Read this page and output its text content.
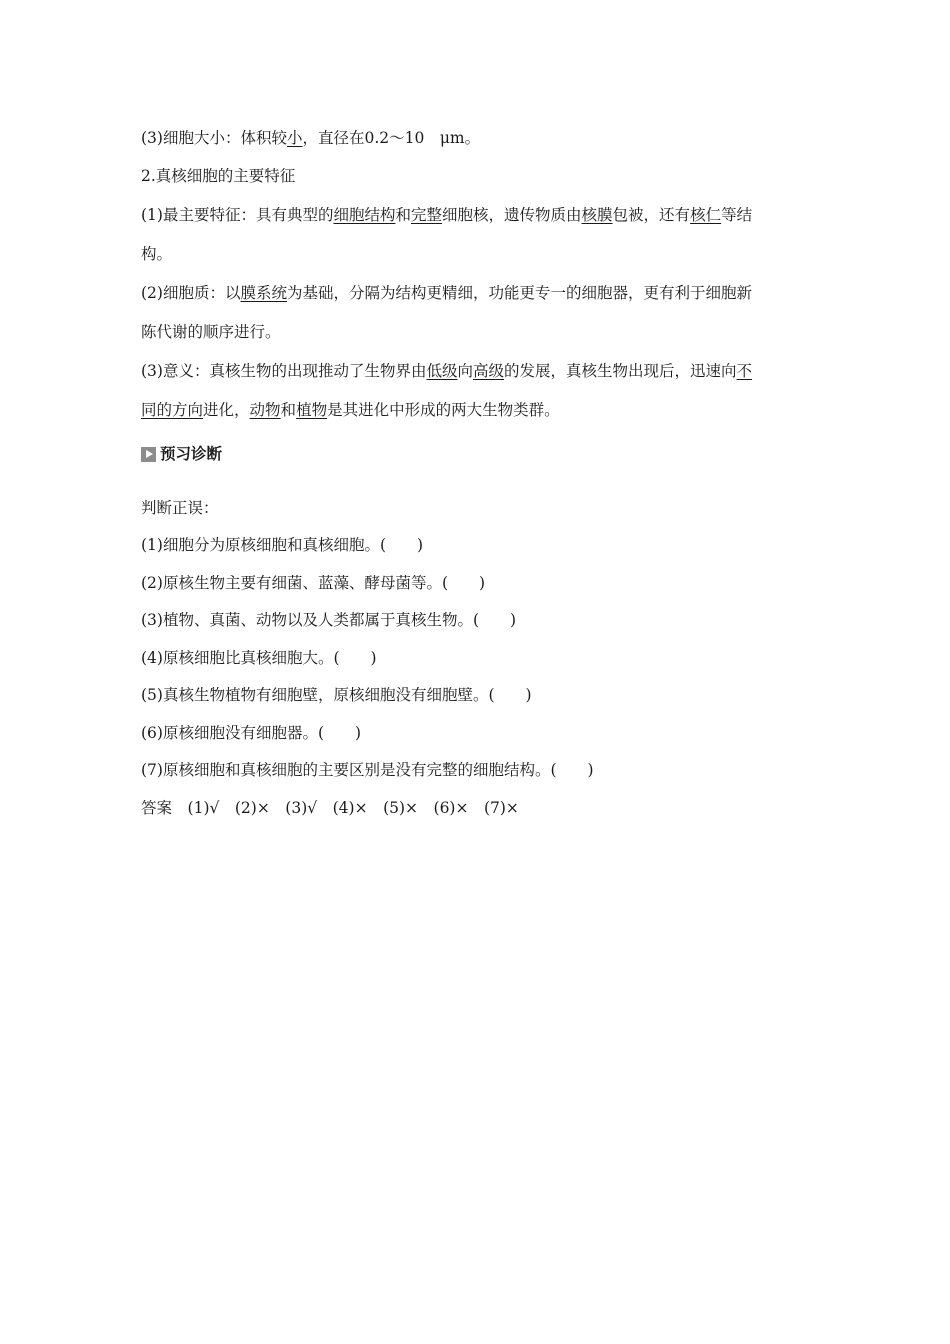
(3)细胞大小：体积较小，直径在0.2～10　μm。
2.真核细胞的主要特征
(1)最主要特征：具有典型的细胞结构和完整细胞核，遗传物质由核膜包被，还有核仁等结
构。
(2)细胞质：以膜系统为基础，分隔为结构更精细，功能更专一的细胞器，更有利于细胞新
陈代谢的顺序进行。
(3)意义：真核生物的出现推动了生物界由低级向高级的发展，真核生物出现后，迅速向不
同的方向进化，动物和植物是其进化中形成的两大生物类群。
预习诊断
判断正误：
(1)细胞分为原核细胞和真核细胞。(　　)
(2)原核生物主要有细菌、蓝藻、酵母菌等。(　　)
(3)植物、真菌、动物以及人类都属于真核生物。(　　)
(4)原核细胞比真核细胞大。(　　)
(5)真核生物植物有细胞壁，原核细胞没有细胞壁。(　　)
(6)原核细胞没有细胞器。(　　)
(7)原核细胞和真核细胞的主要区别是没有完整的细胞结构。(　　)
答案　 (1)√　(2)×　(3)√　(4)×　(5)×　(6)×　(7)×
